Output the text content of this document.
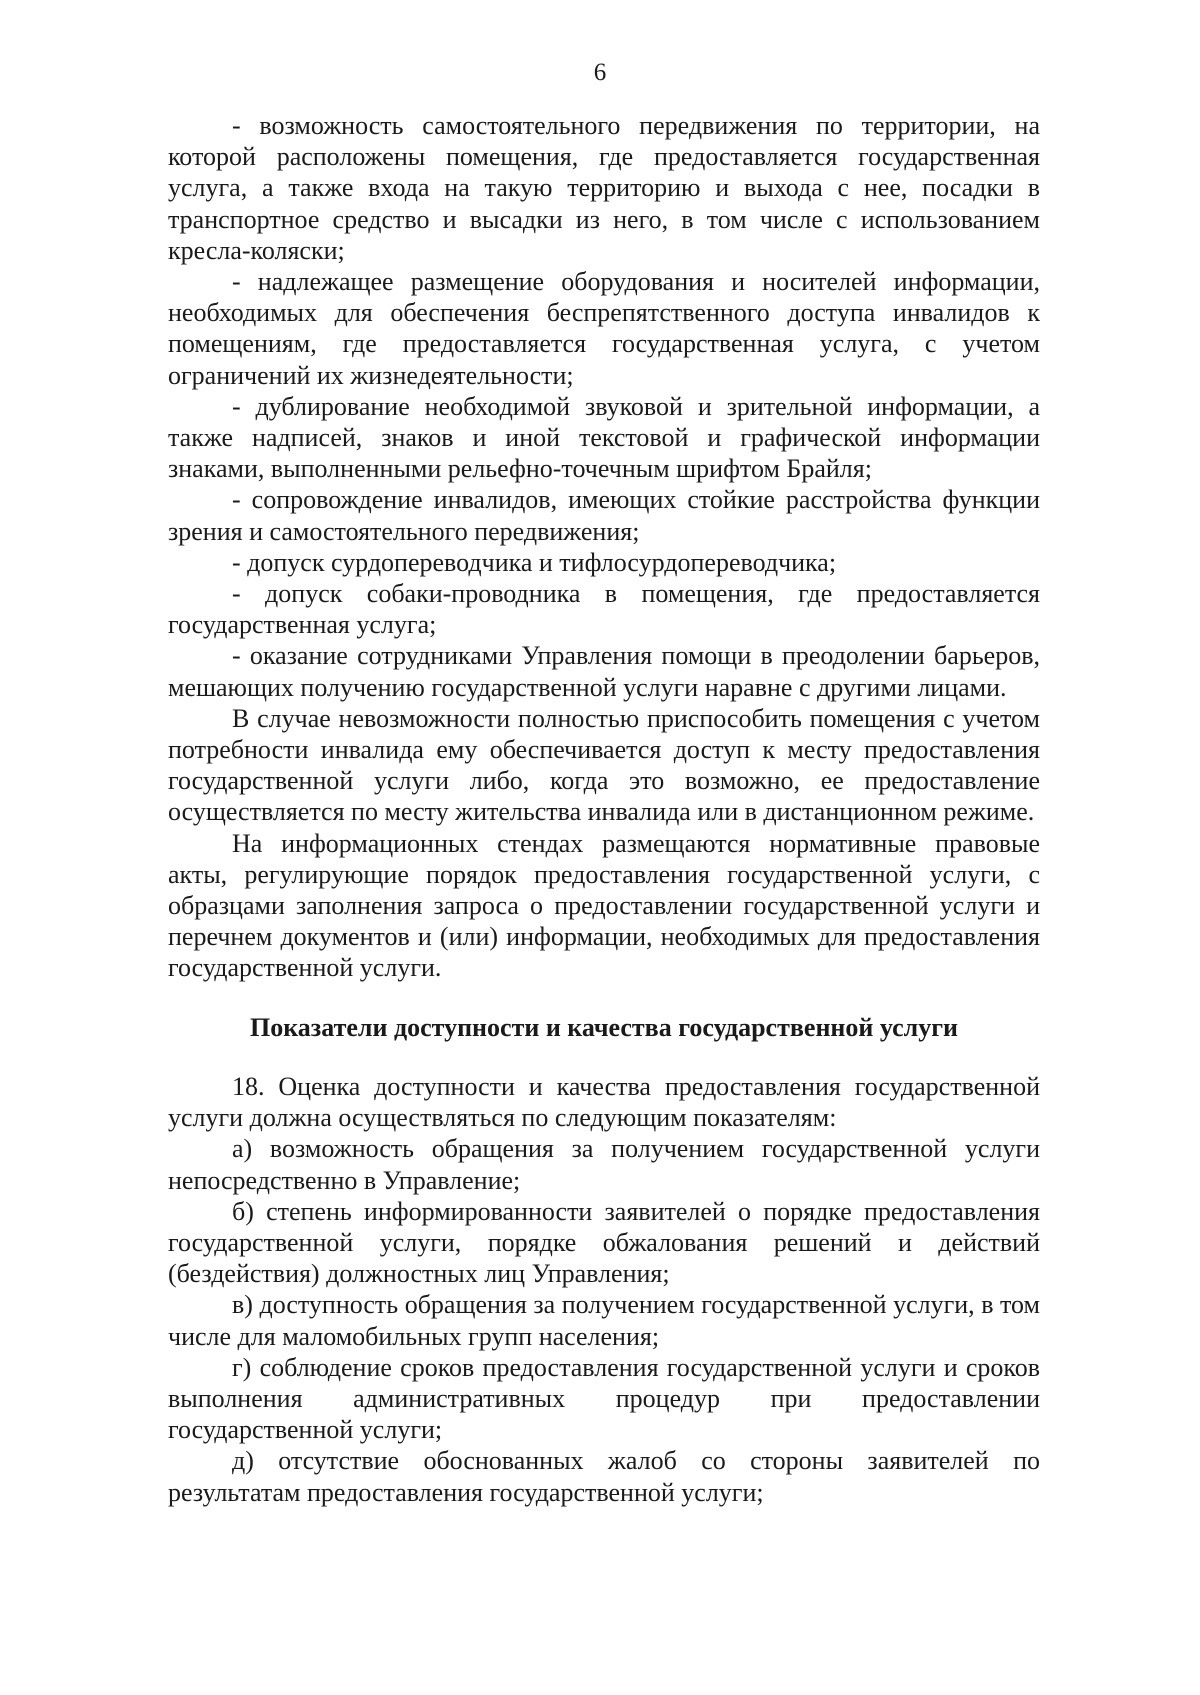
6

- возможность самостоятельного передвижения по территории, на которой расположены помещения, где предоставляется государственная услуга, а также входа на такую территорию и выхода с нее, посадки в транспортное средство и высадки из него, в том числе с использованием кресла-коляски;

- надлежащее размещение оборудования и носителей информации, необходимых для обеспечения беспрепятственного доступа инвалидов к помещениям, где предоставляется государственная услуга, с учетом ограничений их жизнедеятельности;

- дублирование необходимой звуковой и зрительной информации, а также надписей, знаков и иной текстовой и графической информации знаками, выполненными рельефно-точечным шрифтом Брайля;

- сопровождение инвалидов, имеющих стойкие расстройства функции зрения и самостоятельного передвижения;

- допуск сурдопереводчика и тифлосурдопереводчика;

- допуск собаки-проводника в помещения, где предоставляется государственная услуга;

- оказание сотрудниками Управления помощи в преодолении барьеров, мешающих получению государственной услуги наравне с другими лицами.

В случае невозможности полностью приспособить помещения с учетом потребности инвалида ему обеспечивается доступ к месту предоставления государственной услуги либо, когда это возможно, ее предоставление осуществляется по месту жительства инвалида или в дистанционном режиме.

На информационных стендах размещаются нормативные правовые акты, регулирующие порядок предоставления государственной услуги, с образцами заполнения запроса о предоставлении государственной услуги и перечнем документов и (или) информации, необходимых для предоставления государственной услуги.

Показатели доступности и качества государственной услуги

18. Оценка доступности и качества предоставления государственной услуги должна осуществляться по следующим показателям:

а) возможность обращения за получением государственной услуги непосредственно в Управление;

б) степень информированности заявителей о порядке предоставления государственной услуги, порядке обжалования решений и действий (бездействия) должностных лиц Управления;

в) доступность обращения за получением государственной услуги, в том числе для маломобильных групп населения;

г) соблюдение сроков предоставления государственной услуги и сроков выполнения административных процедур при предоставлении государственной услуги;

д) отсутствие обоснованных жалоб со стороны заявителей по результатам предоставления государственной услуги;
